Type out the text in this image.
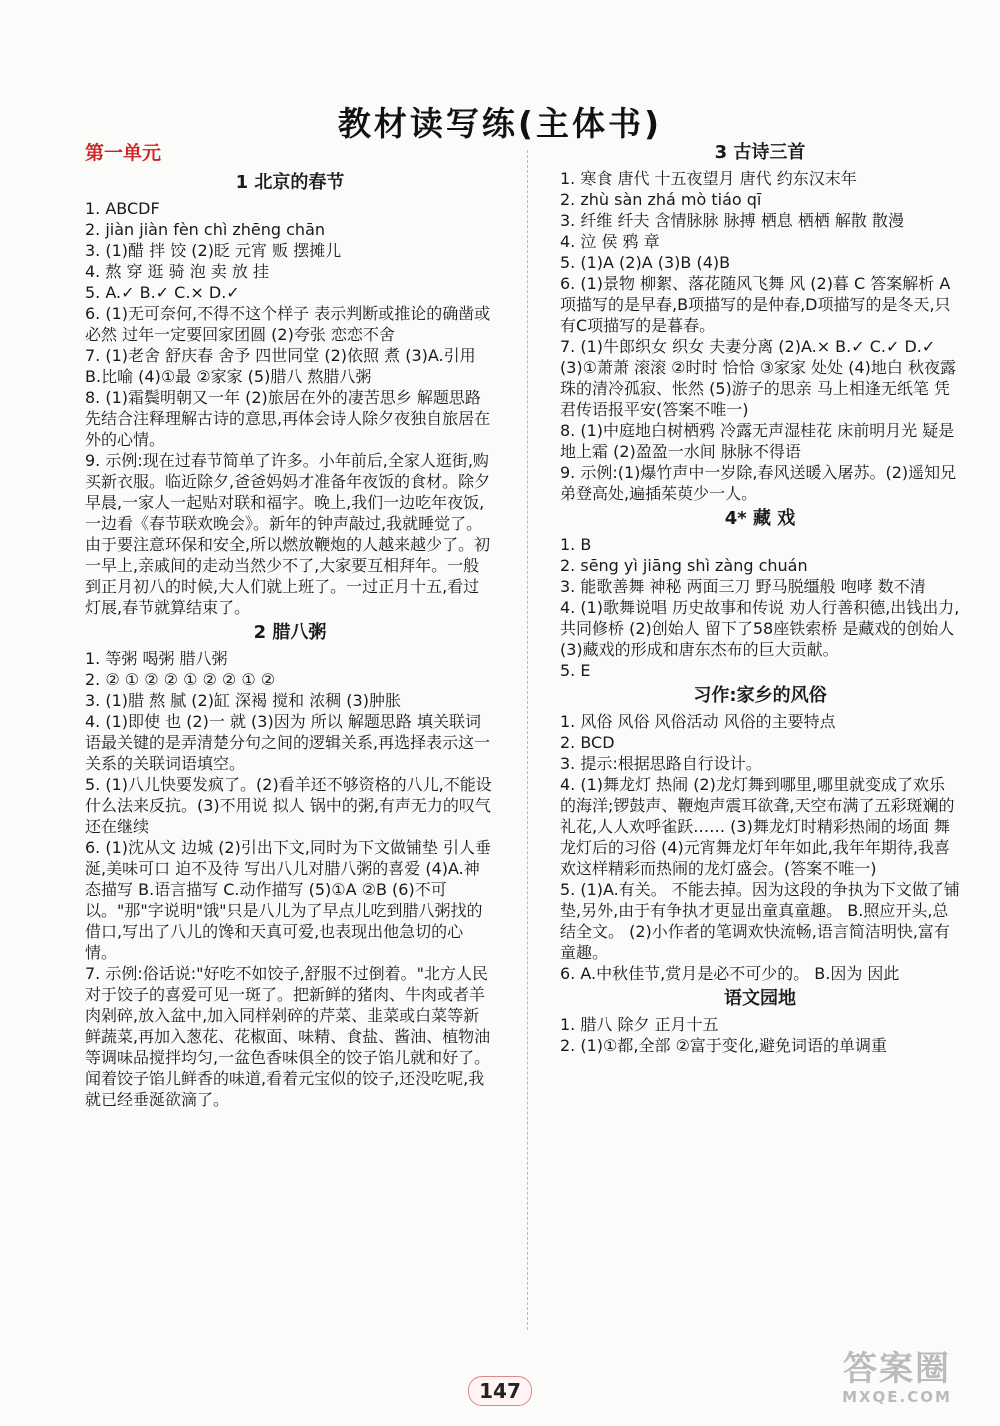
教材读写练(主体书)
第一单元
1 北京的春节
1. ABCDF
2. jiàn jiàn fèn chì zhēng chān
3. (1)醋 拌 饺 (2)眨 元宵 贩 摆摊儿
4. 熬 穿 逛 骑 泡 卖 放 挂
5. A.✓ B.✓ C.× D.✓
6. (1)无可奈何,不得不这个样子 表示判断或推论的确凿或必然 过年一定要回家团圆 (2)夸张 恋恋不舍
7. (1)老舍 舒庆春 舍予 四世同堂 (2)依照 煮 (3)A.引用 B.比喻 (4)①最 ②家家 (5)腊八 熬腊八粥
8. (1)霜鬓明朝又一年 (2)旅居在外的凄苦思乡 解题思路 先结合注释理解古诗的意思,再体会诗人除夕夜独自旅居在外的心情。
9. 示例:现在过春节简单了许多。小年前后,全家人逛街,购买新衣服。临近除夕,爸爸妈妈才准备年夜饭的食材。除夕早晨,一家人一起贴对联和福字。晚上,我们一边吃年夜饭,一边看《春节联欢晚会》。新年的钟声敲过,我就睡觉了。由于要注意环保和安全,所以燃放鞭炮的人越来越少了。初一早上,亲戚间的走动当然少不了,大家要互相拜年。一般到正月初八的时候,大人们就上班了。一过正月十五,看过灯展,春节就算结束了。
2 腊八粥
1. 等粥 喝粥 腊八粥
2. ② ① ② ② ① ② ② ① ②
3. (1)腊 熬 腻 (2)缸 深褐 搅和 浓稠 (3)肿胀
4. (1)即使 也 (2)一 就 (3)因为 所以 解题思路 填关联词语最关键的是弄清楚分句之间的逻辑关系,再选择表示这一关系的关联词语填空。
5. (1)八儿快要发疯了。(2)看羊还不够资格的八儿,不能设什么法来反抗。(3)不用说 拟人 锅中的粥,有声无力的叹气还在继续
6. (1)沈从文 边城 (2)引出下文,同时为下文做铺垫 引人垂涎,美味可口 迫不及待 写出八儿对腊八粥的喜爱 (4)A.神态描写 B.语言描写 C.动作描写 (5)①A ②B (6)不可以。"那"字说明"饿"只是八儿为了早点儿吃到腊八粥找的借口,写出了八儿的馋和天真可爱,也表现出他急切的心情。
7. 示例:俗话说:"好吃不如饺子,舒服不过倒着。"北方人民对于饺子的喜爱可见一斑了。把新鲜的猪肉、牛肉或者羊肉剁碎,放入盆中,加入同样剁碎的芹菜、韭菜或白菜等新鲜蔬菜,再加入葱花、花椒面、味精、食盐、酱油、植物油等调味品搅拌均匀,一盆色香味俱全的饺子馅儿就和好了。闻着饺子馅儿鲜香的味道,看着元宝似的饺子,还没吃呢,我就已经垂涎欲滴了。
3 古诗三首
1. 寒食 唐代 十五夜望月 唐代 约东汉末年
2. zhù sàn zhá mò tiáo qī
3. 纤维 纤夫 含情脉脉 脉搏 栖息 栖栖 解散 散漫
4. 泣 侯 鸦 章
5. (1)A (2)A (3)B (4)B
6. (1)景物 柳絮、落花随风飞舞 风 (2)暮 C 答案解析 A项描写的是早春,B项描写的是仲春,D项描写的是冬天,只有C项描写的是暮春。
7. (1)牛郎织女 织女 夫妻分离 (2)A.× B.✓ C.✓ D.✓ (3)①萧萧 滚滚 ②时时 恰恰 ③家家 处处 (4)地白 秋夜露珠的清冷孤寂、怅然 (5)游子的思亲 马上相逢无纸笔 凭君传语报平安(答案不唯一)
8. (1)中庭地白树栖鸦 冷露无声湿桂花 床前明月光 疑是地上霜 (2)盈盈一水间 脉脉不得语
9. 示例:(1)爆竹声中一岁除,春风送暖入屠苏。(2)遥知兄弟登高处,遍插茱萸少一人。
4* 藏 戏
1. B
2. sēng yì jiāng shì zàng chuán
3. 能歌善舞 神秘 两面三刀 野马脱缰般 咆哮 数不清
4. (1)歌舞说唱 历史故事和传说 劝人行善积德,出钱出力,共同修桥 (2)创始人 留下了58座铁索桥 是藏戏的创始人 (3)藏戏的形成和唐东杰布的巨大贡献。
5. E
习作:家乡的风俗
1. 风俗 风俗 风俗活动 风俗的主要特点
2. BCD
3. 提示:根据思路自行设计。
4. (1)舞龙灯 热闹 (2)龙灯舞到哪里,哪里就变成了欢乐的海洋;锣鼓声、鞭炮声震耳欲聋,天空布满了五彩斑斓的礼花,人人欢呼雀跃…… (3)舞龙灯时精彩热闹的场面 舞龙灯后的习俗 (4)元宵舞龙灯年年如此,我年年期待,我喜欢这样精彩而热闹的龙灯盛会。(答案不唯一)
5. (1)A.有关。 不能去掉。因为这段的争执为下文做了铺垫,另外,由于有争执才更显出童真童趣。 B.照应开头,总结全文。 (2)小作者的笔调欢快流畅,语言简洁明快,富有童趣。
6. A.中秋佳节,赏月是必不可少的。 B.因为 因此
语文园地
1. 腊八 除夕 正月十五
2. (1)①都,全部 ②富于变化,避免词语的单调重
147
答案圈
MXQE.COM
